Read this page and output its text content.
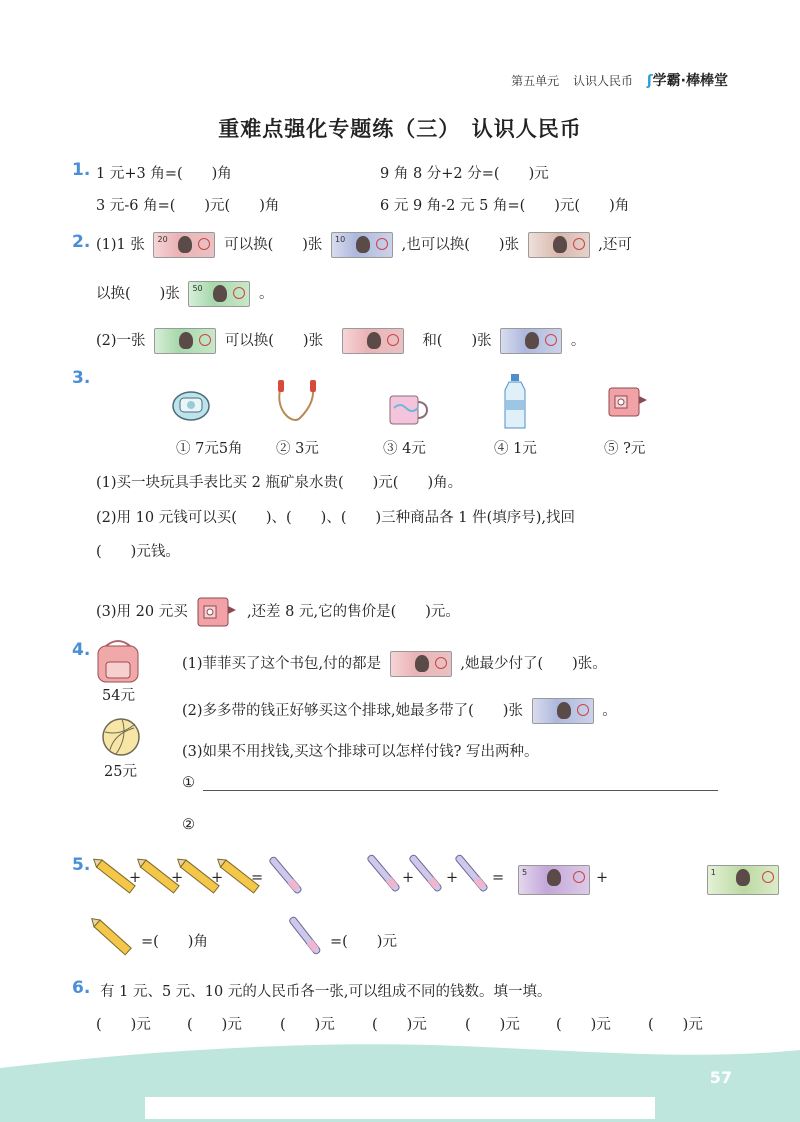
第五单元 认识人民币 ʃ学霸·棒棒堂
重难点强化专题练（三）　认识人民币
1. 1 元+3 角=(　　)角	9 角 8 分+2 分=(　　)元
3 元-6 角=(　　)元(　　)角	6 元 9 角-2 元 5 角=(　　)元(　　)角
2. (1)1 张 20	可以换(　　)张 10	,也可以换(　　)张	,还可
以换(　　)张 50	。
(2)一张	可以换(　　)张	和(　　)张	。
3.
① 7元5角 ② 3元	③ 4元	④ 1元	⑤ ?元
(1)买一块玩具手表比买 2 瓶矿泉水贵(　　)元(　　)角。
(2)用 10 元钱可以买(　　)、(　　)、(　　)三种商品各 1 件(填序号),找回
(　　)元钱。
(3)用 20 元买	,还差 8 元,它的售价是(　　)元。
4.
54元
25元
(1)菲菲买了这个书包,付的都是	,她最少付了(　　)张。
(2)多多带的钱正好够买这个排球,她最多带了(　　)张	。
(3)如果不用找钱,买这个排球可以怎样付钱? 写出两种。
①
②
5.
+ + + =	+ + = 5
	+	1
=(　　)角	=(　　)元
6. 有 1 元、5 元、10 元的人民币各一张,可以组成不同的钱数。填一填。
(　　)元 (　　)元	(　　)元	(　　)元	(　　)元 (　　)元	(　　)元
57
